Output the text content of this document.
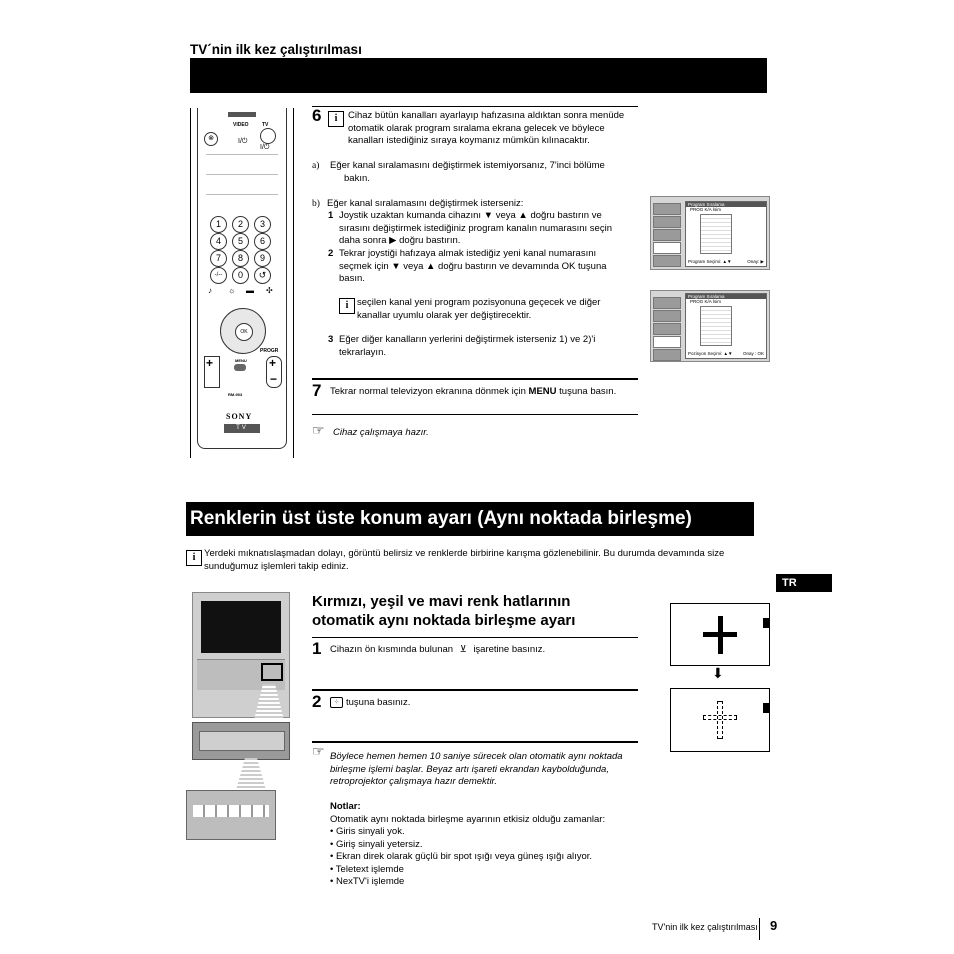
TV´nin ilk kez çalıştırılması
VIDEO	TV
⊗	I/⏻
I/⏻
1	2	3
4	5	6
7	8	9
-/--	0	↺
♪ ☼ ▬ ✣
OK
PROGR
+	MENU +
−
RM-903
SONY
TV
6	i	Cihaz bütün kanalları ayarlayıp hafızasına aldıktan sonra menüde
otomatik olarak program sıralama ekrana gelecek ve böylece
kanalları istediğiniz sıraya koymanız mümkün kılınacaktır.
a) Eğer kanal sıralamasını değiştirmek istemiyorsanız, 7'inci bölüme
bakın.
b) Eğer kanal sıralamasını değiştirmek isterseniz:
1 Joystik uzaktan kumanda cihazını ▼ veya ▲ doğru bastırın ve
sırasını değiştirmek istediğiniz program kanalın numarasını seçin
daha sonra ▶ doğru bastırın.
2 Tekrar joystiği hafızaya almak istediğiz yeni kanal numarasını
seçmek için ▼ veya ▲ doğru bastırın ve devamında OK tuşuna
basın.
i seçilen kanal yeni program pozisyonuna geçecek ve diğer
kanallar uyumlu olarak yer değiştirecektir.
3 Eğer diğer kanalların yerlerini değiştirmek isterseniz 1) ve 2)'i
tekrarlayın.
Program Sıralama
PROG K/A İsim
Program Seçimi: ▲▼	Onay: ▶
Program Sıralama
PROG K/A İsim
Pozisyon Seçimi: ▲▼ Onay : OK
7 Tekrar normal televizyon ekranına dönmek için MENU tuşuna basın.
☞ Cihaz çalışmaya hazır.
Renklerin üst üste konum ayarı (Aynı noktada birleşme)
i Yerdeki mıknatıslaşmadan dolayı, görüntü belirsiz ve renklerde birbirine karışma gözlenebilinir. Bu durumda devamında size
sunduğumuz işlemleri takip ediniz.
TR
Kırmızı, yeşil ve mavi renk hatlarının
otomatik aynı noktada birleşme ayarı
1 Cihazın ön kısmında bulunan ⊻ işaretine basınız.
2	⁘ tuşuna basınız.
☞ Böylece hemen hemen 10 saniye sürecek olan otomatik aynı noktada
birleşme işlemi başlar. Beyaz artı işareti ekrandan kaybolduğunda,
retroprojektor çalışmaya hazır demektir.
Notlar:
Otomatik aynı noktada birleşme ayarının etkisiz olduğu zamanlar:
• Giris sinyali yok.
• Giriş sinyali yetersiz.
• Ekran direk olarak güçlü bir spot ışığı veya güneş ışığı alıyor.
• Teletext işlemde
• NexTV'i işlemde
⬇
TV'nin ilk kez çalıştırılması 9
